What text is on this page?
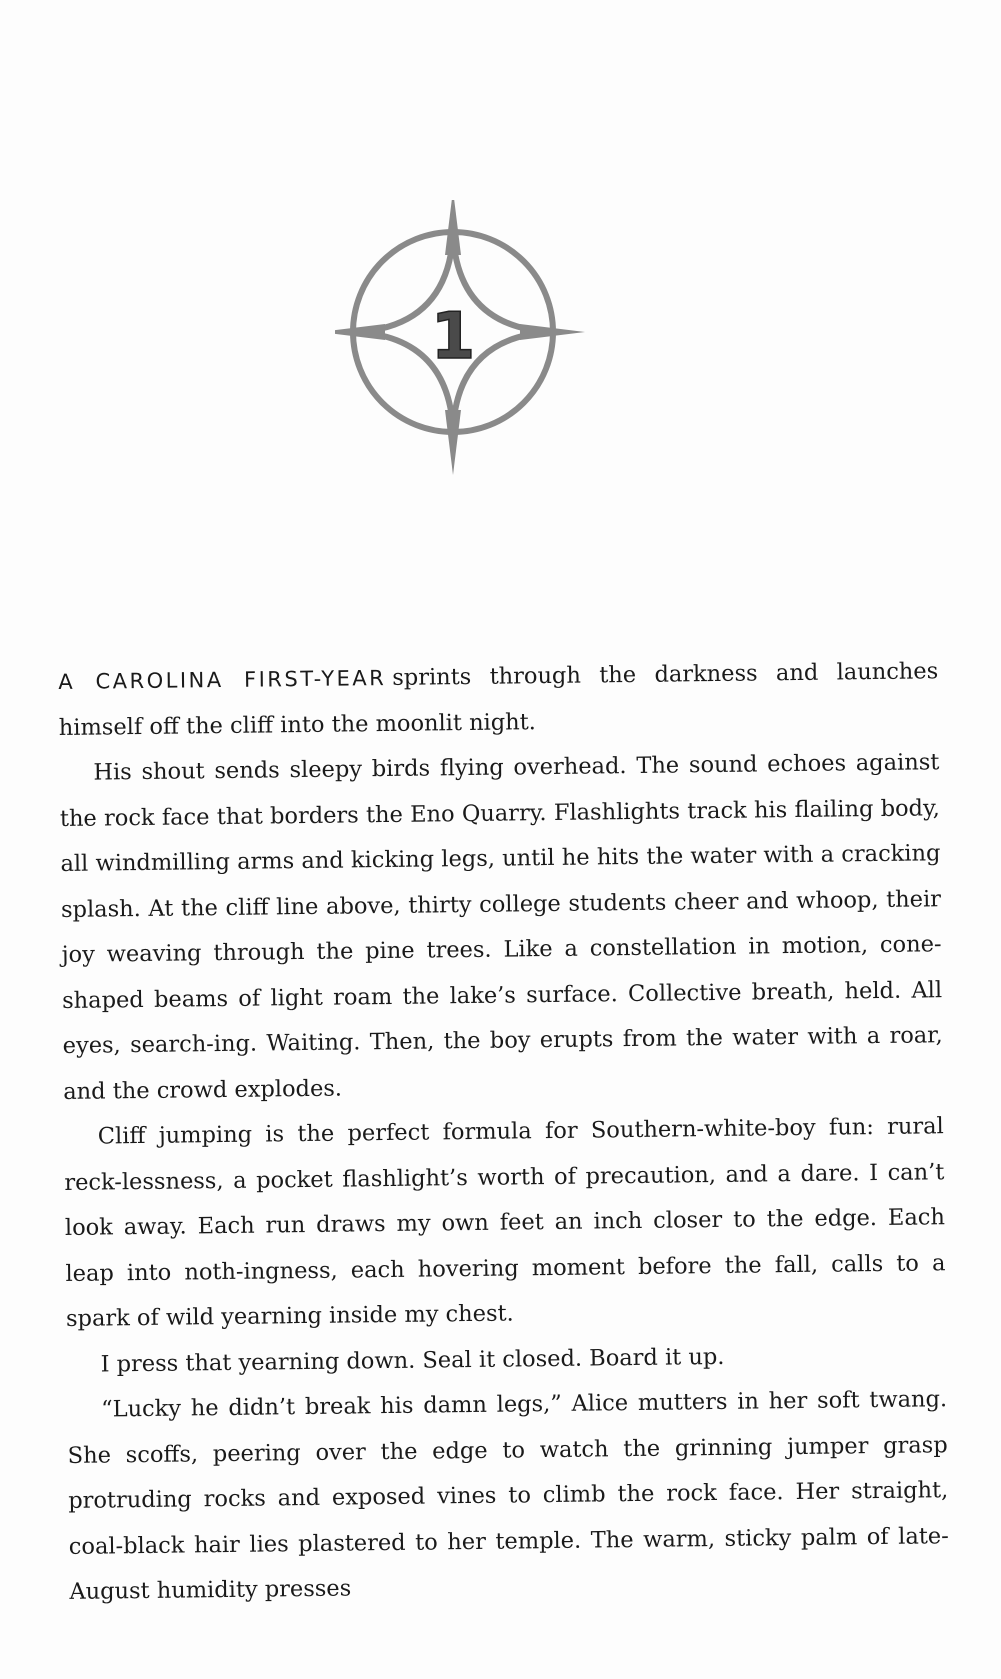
1

A CAROLINA FIRST-YEAR sprints through the darkness and launches himself off the cliff into the moonlit night.

His shout sends sleepy birds flying overhead. The sound echoes against the rock face that borders the Eno Quarry. Flashlights track his flailing body, all windmilling arms and kicking legs, until he hits the water with a cracking splash. At the cliff line above, thirty college students cheer and whoop, their joy weaving through the pine trees. Like a constellation in motion, cone-shaped beams of light roam the lake’s surface. Collective breath, held. All eyes, search-ing. Waiting. Then, the boy erupts from the water with a roar, and the crowd explodes.

Cliff jumping is the perfect formula for Southern-white-boy fun: rural reck-lessness, a pocket flashlight’s worth of precaution, and a dare. I can’t look away. Each run draws my own feet an inch closer to the edge. Each leap into noth-ingness, each hovering moment before the fall, calls to a spark of wild yearning inside my chest.

I press that yearning down. Seal it closed. Board it up.

“Lucky he didn’t break his damn legs,” Alice mutters in her soft twang. She scoffs, peering over the edge to watch the grinning jumper grasp protruding rocks and exposed vines to climb the rock face. Her straight, coal-black hair lies plastered to her temple. The warm, sticky palm of late-August humidity presses
